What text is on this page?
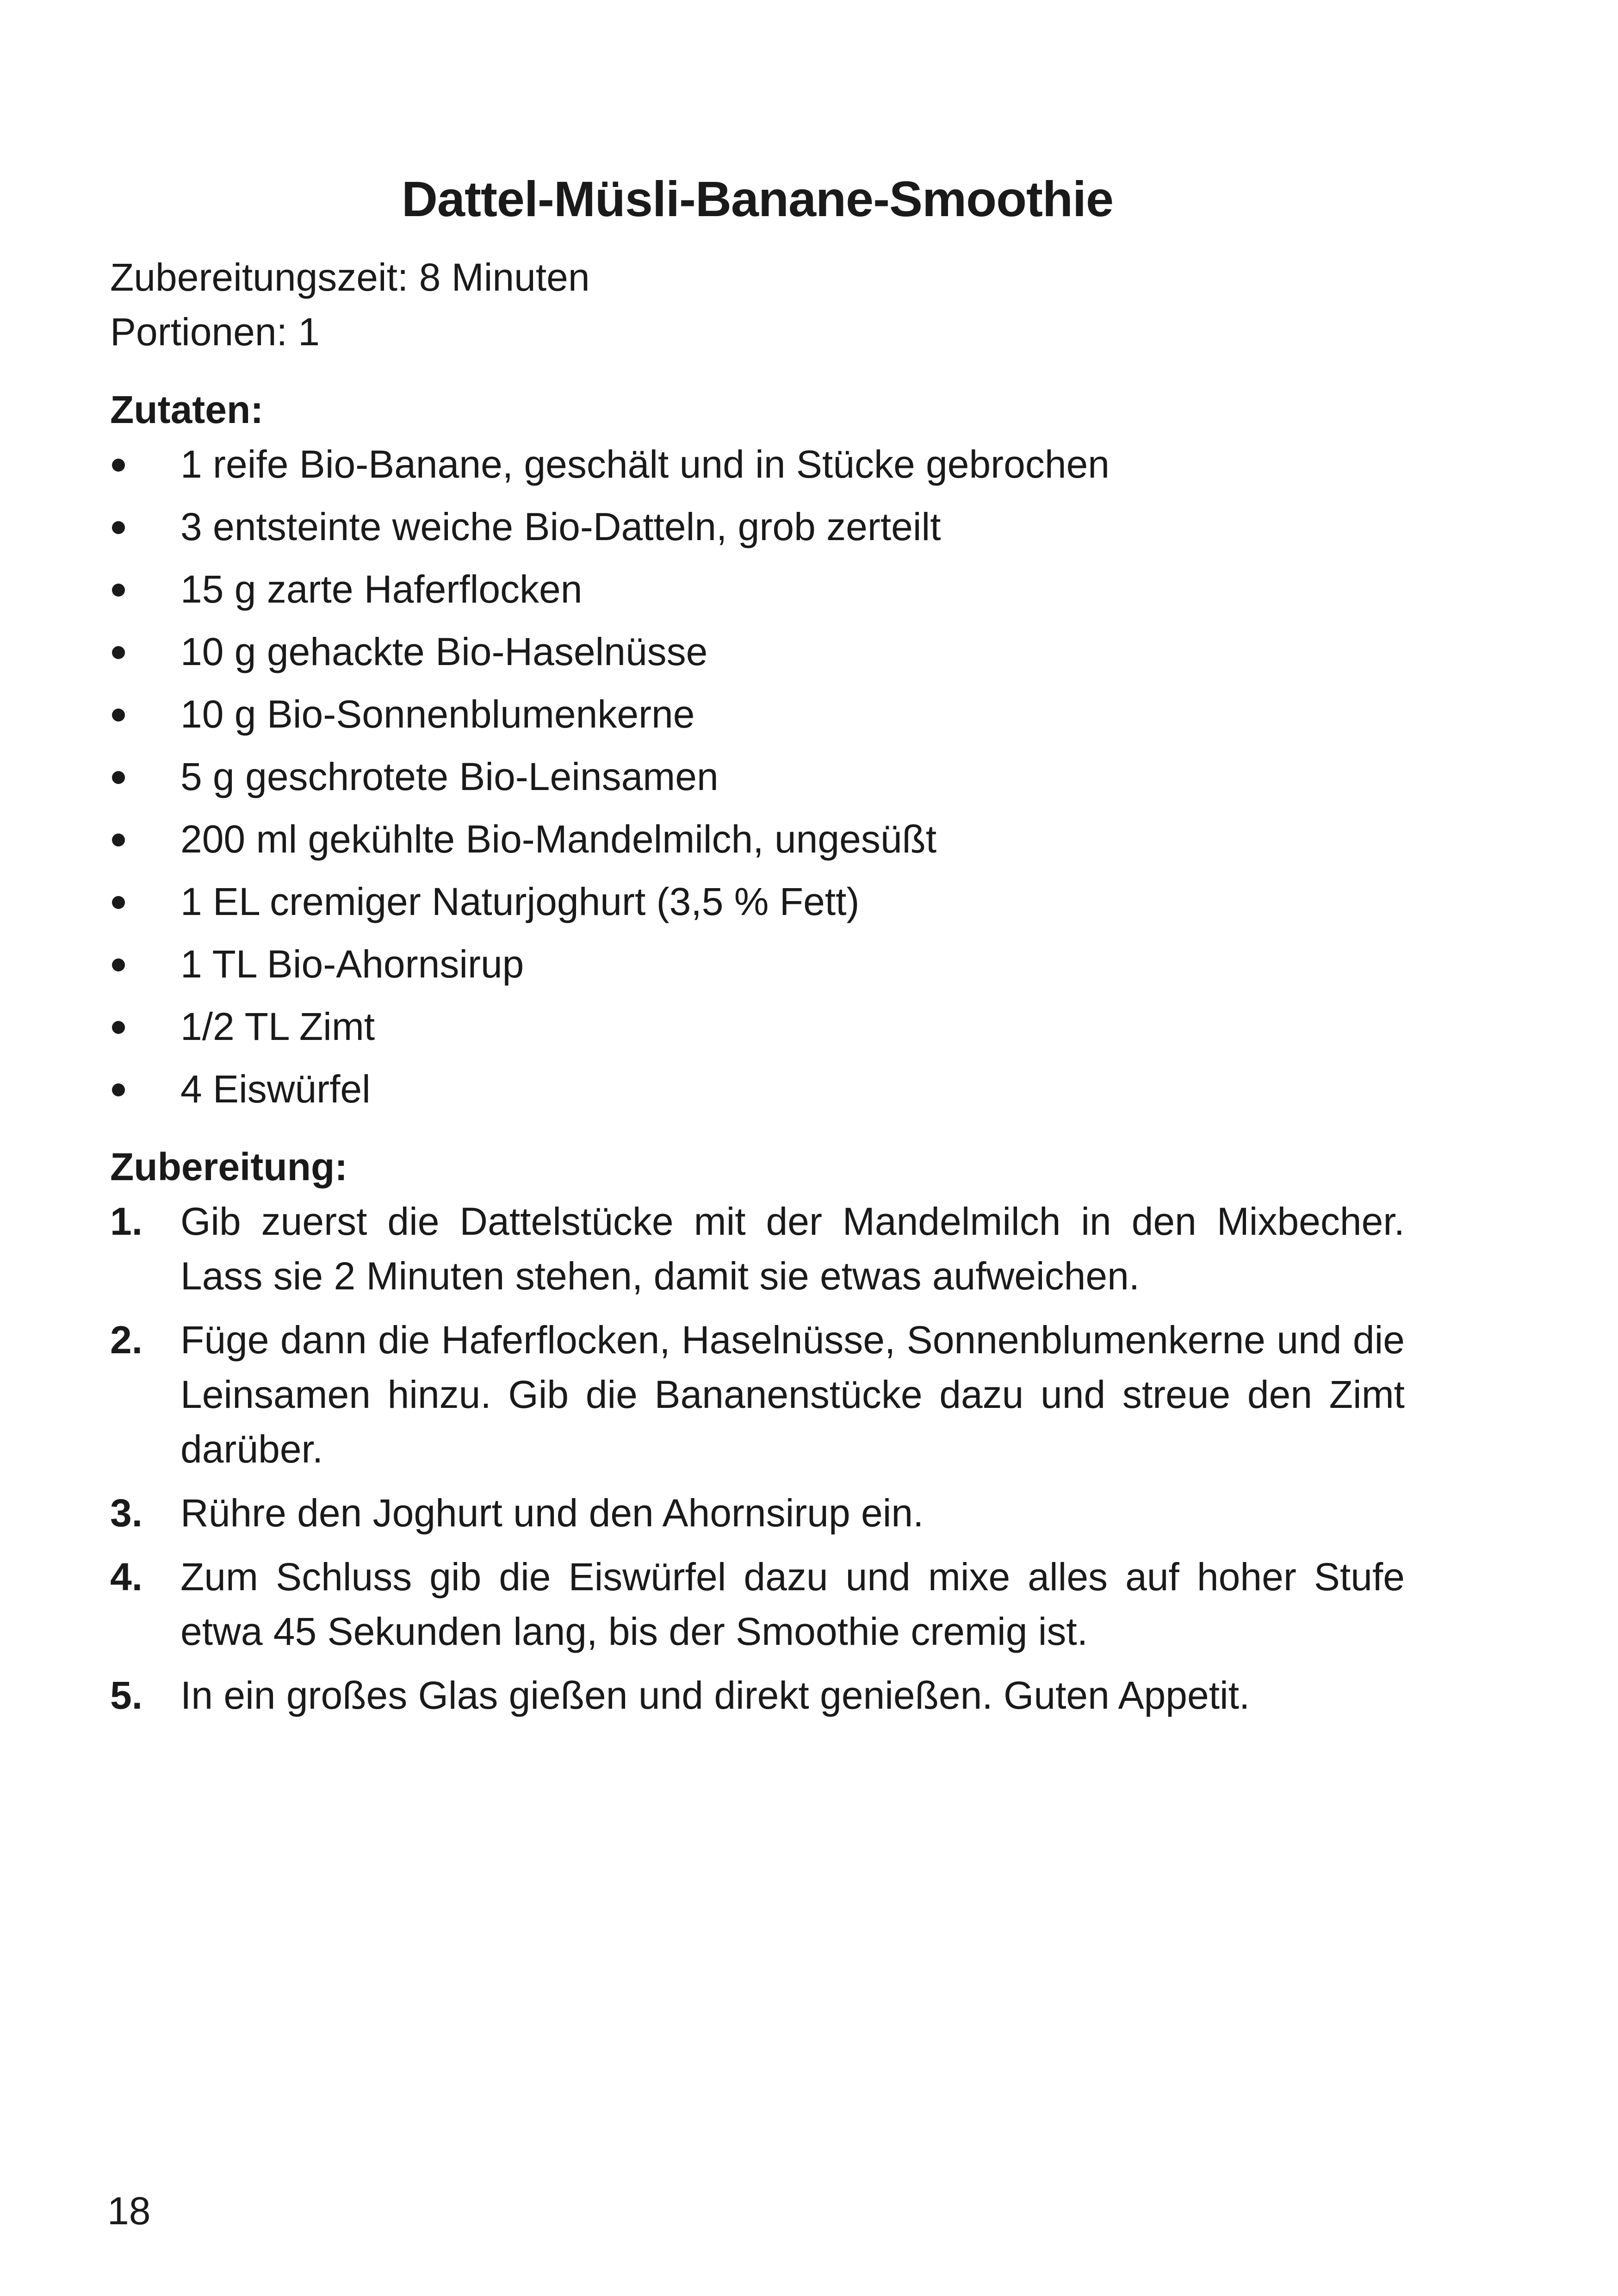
Dattel-Müsli-Banane-Smoothie

Zubereitungszeit: 8 Minuten

Portionen: 1

Zutaten:

1 reife Bio-Banane, geschält und in Stücke gebrochen
3 entsteinte weiche Bio-Datteln, grob zerteilt
15 g zarte Haferflocken
10 g gehackte Bio-Haselnüsse
10 g Bio-Sonnenblumenkerne
5 g geschrotete Bio-Leinsamen
200 ml gekühlte Bio-Mandelmilch, ungesüßt
1 EL cremiger Naturjoghurt (3,5 % Fett)
1 TL Bio-Ahornsirup
1/2 TL Zimt
4 Eiswürfel

Zubereitung:

1. Gib zuerst die Dattelstücke mit der Mandelmilch in den Mixbecher. Lass sie 2 Minuten stehen, damit sie etwas aufweichen.
2. Füge dann die Haferflocken, Haselnüsse, Sonnenblumenkerne und die Leinsamen hinzu. Gib die Bananenstücke dazu und streue den Zimt darüber.
3. Rühre den Joghurt und den Ahornsirup ein.
4. Zum Schluss gib die Eiswürfel dazu und mixe alles auf hoher Stufe etwa 45 Sekunden lang, bis der Smoothie cremig ist.
5. In ein großes Glas gießen und direkt genießen. Guten Appetit.
18
